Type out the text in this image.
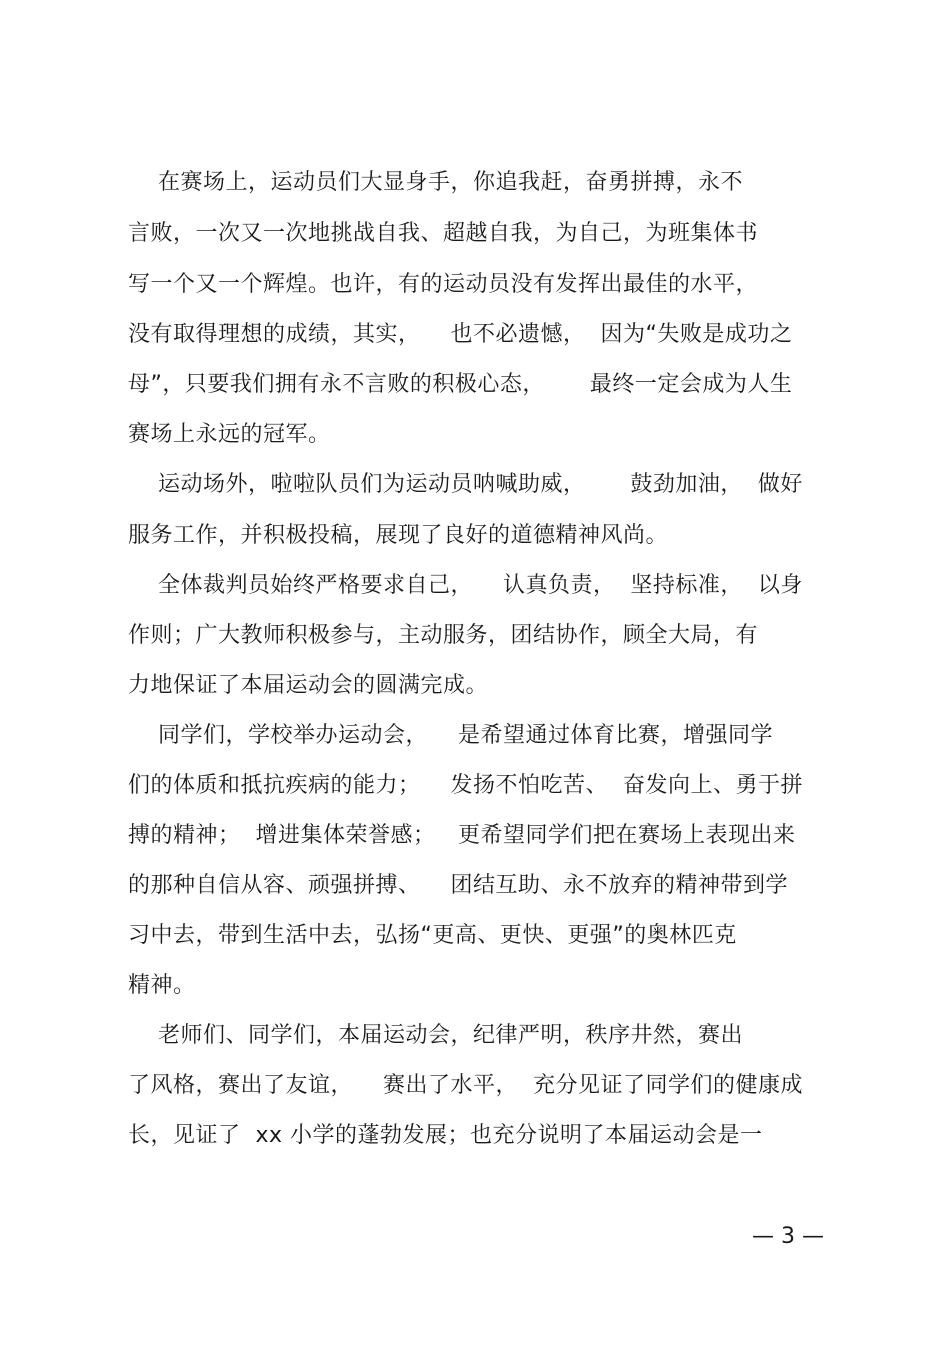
在赛场上，运动员们大显身手，你追我赶，奋勇拼搏，永不
言败，一次又一次地挑战自我、超越自我，为自己，为班集体书
写一个又一个辉煌。也许，有的运动员没有发挥出最佳的水平，
没有取得理想的成绩，其实，    也不必遗憾，  因为“失败是成功之
母”，只要我们拥有永不言败的积极心态，      最终一定会成为人生
赛场上永远的冠军。
运动场外，啦啦队员们为运动员呐喊助威，      鼓劲加油，  做好
服务工作，并积极投稿，展现了良好的道德精神风尚。
全体裁判员始终严格要求自己，    认真负责，  坚持标准，  以身
作则；广大教师积极参与，主动服务，团结协作，顾全大局，有
力地保证了本届运动会的圆满完成。
同学们，学校举办运动会，    是希望通过体育比赛，增强同学
们的体质和抵抗疾病的能力；    发扬不怕吃苦、  奋发向上、勇于拼
搏的精神；  增进集体荣誉感；   更希望同学们把在赛场上表现出来
的那种自信从容、顽强拼搏、    团结互助、永不放弃的精神带到学
习中去，带到生活中去，弘扬“更高、更快、更强”的奥林匹克
精神。
老师们、同学们，本届运动会，纪律严明，秩序井然，赛出
了风格，赛出了友谊，    赛出了水平，  充分见证了同学们的健康成
长，见证了  xx 小学的蓬勃发展；也充分说明了本届运动会是一
— 3 —
